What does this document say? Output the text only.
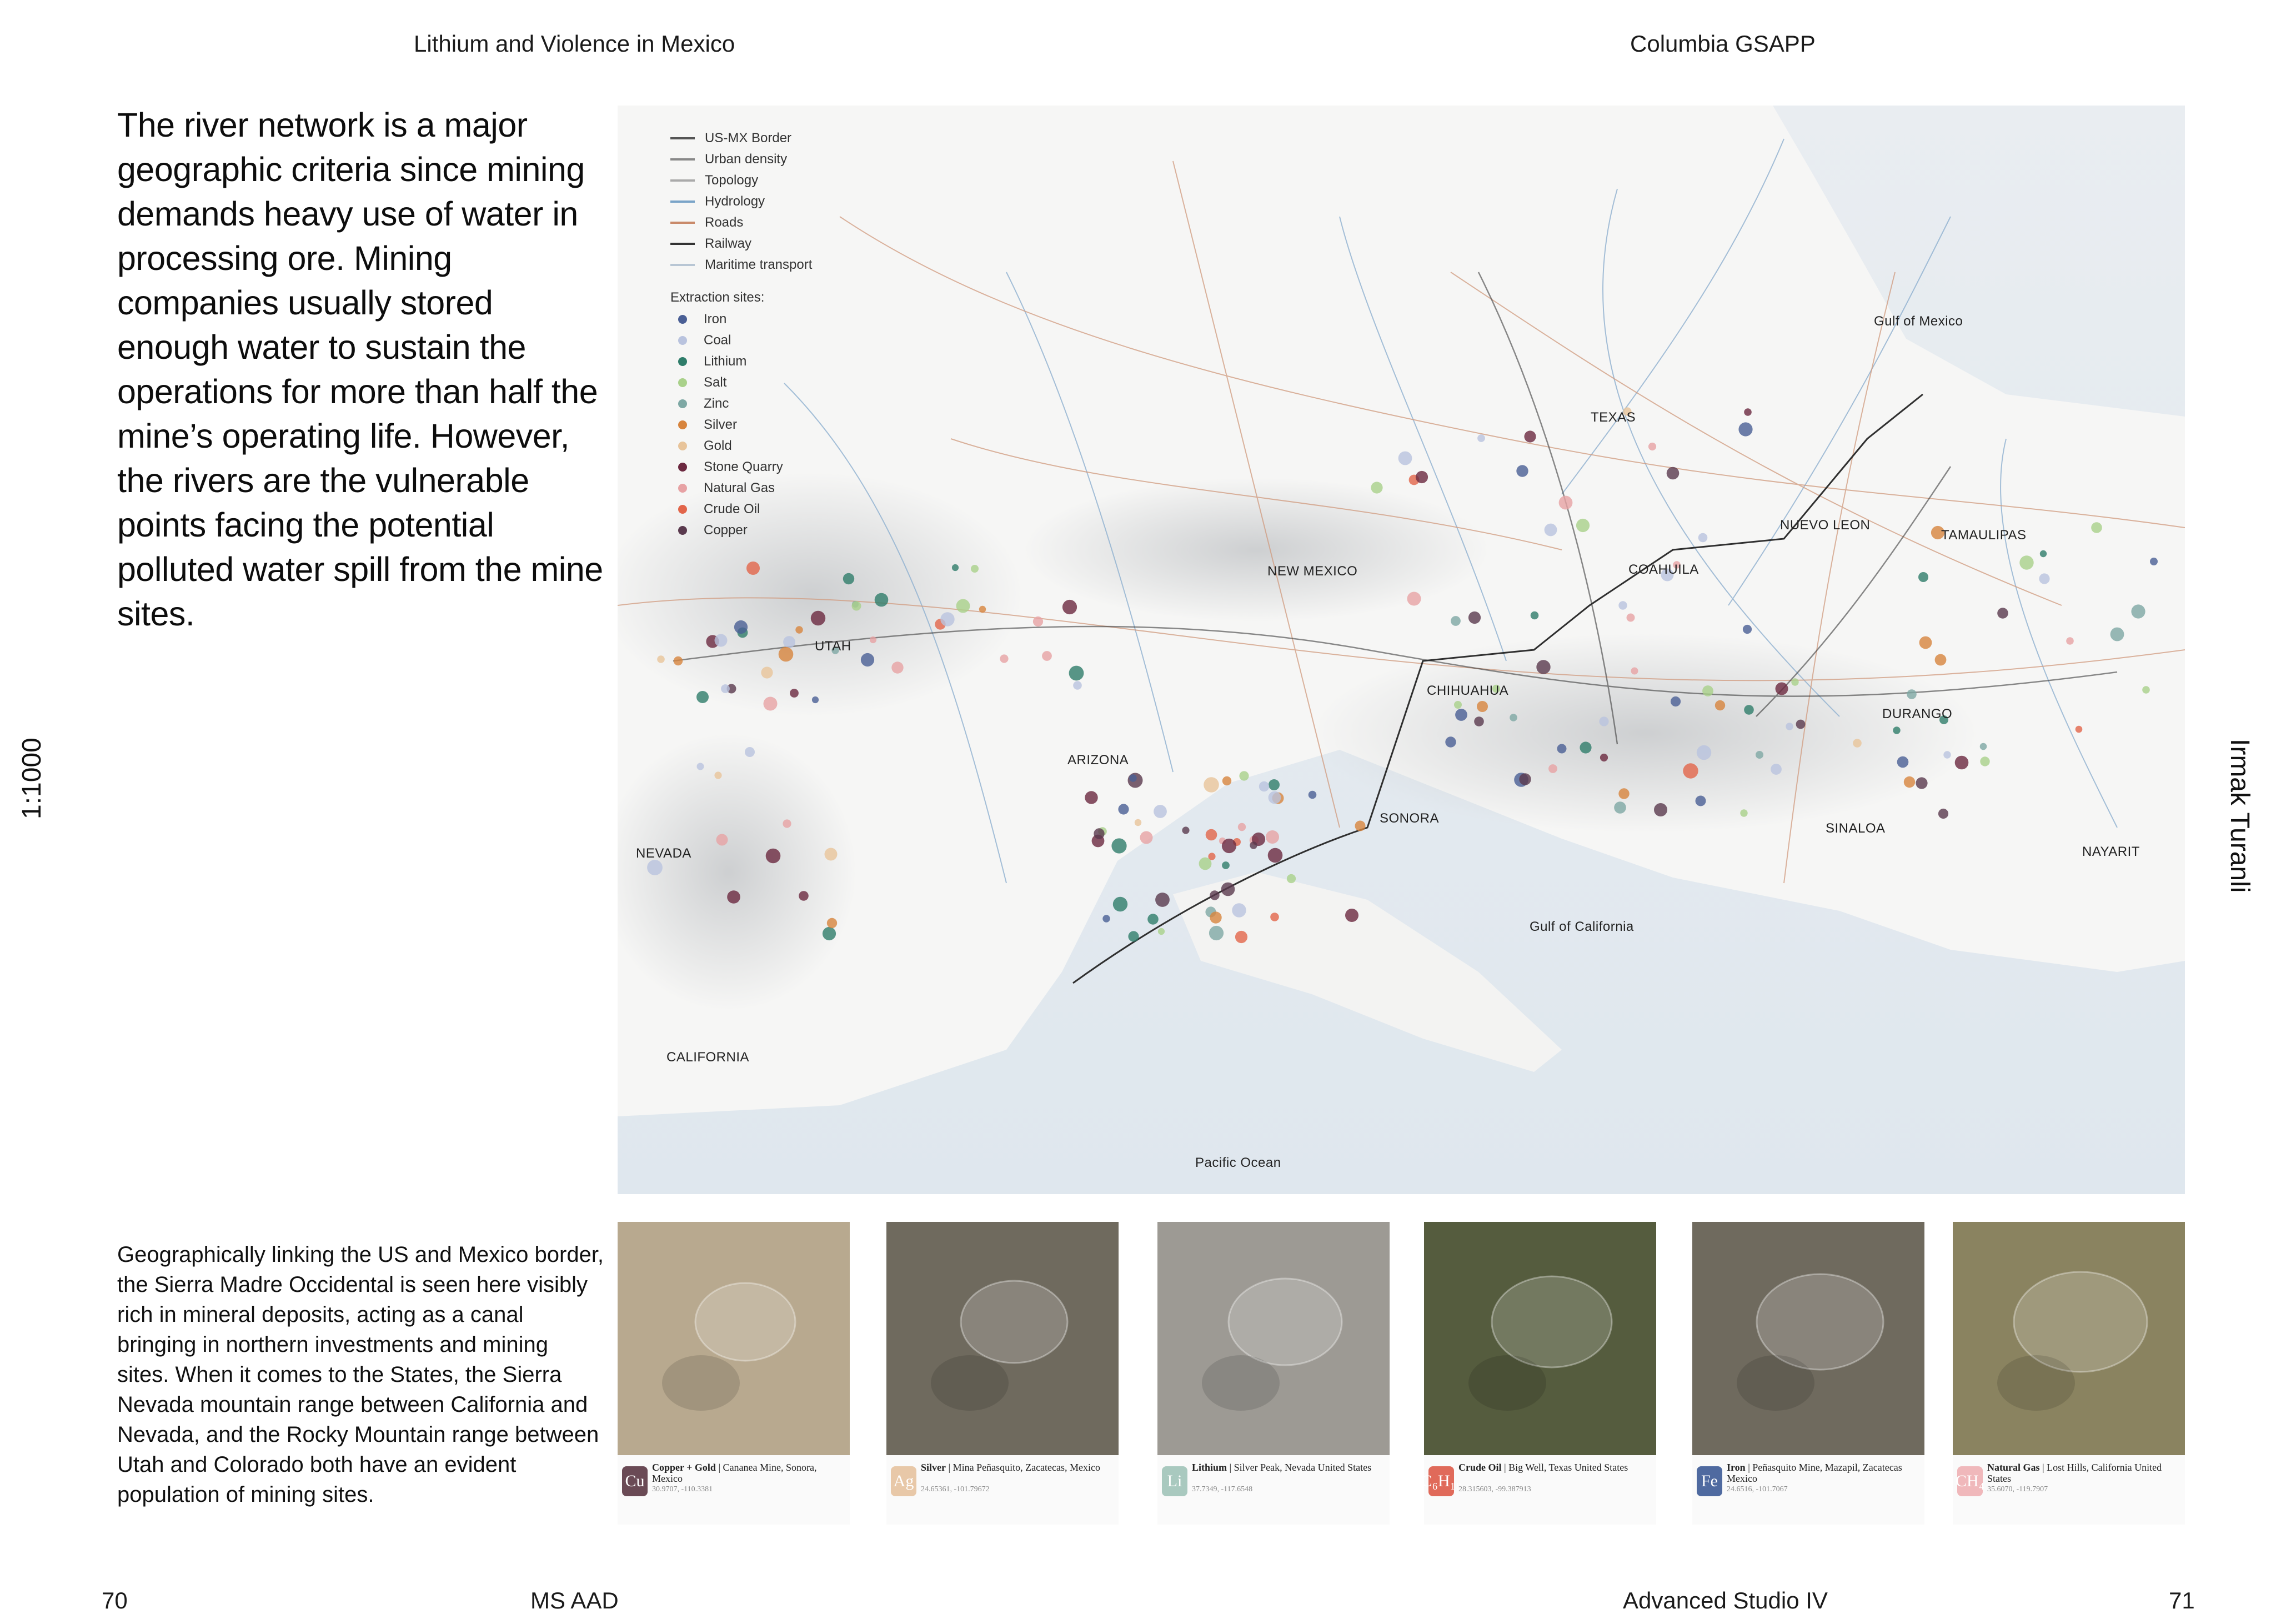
Lithium and Violence in Mexico	Columbia GSAPP
The river network is a major geographic criteria since mining demands heavy use of water in processing ore. Mining companies usually stored enough water to sustain the operations for more than half the mine’s operating life. However, the rivers are the vulnerable points facing the potential polluted water spill from the mine sites.
1:1000	Irmak Turanli
US-MX Border
Urban density
Topology
Hydrology
Roads
Railway
Maritime transport
Extraction sites:
Iron
Coal
Lithium
Salt
Zinc
Silver
Gold
Stone Quarry
Natural Gas
Crude Oil
Copper
Gulf of Mexico
TEXAS
NUEVO LEON
TAMAULIPAS
NEW MEXICO	COAHUILA
UTAH
CHIHUAHUA
DURANGO
ARIZONA
SONORA
SINALOA
NAYARIT
NEVADA
Gulf of California
CALIFORNIA
Pacific Ocean
Geographically linking the US and Mexico border, the Sierra Madre Occidental is seen here visibly rich in mineral deposits, acting as a canal bringing in northern investments and mining sites. When it comes to the States, the Sierra Nevada mountain range between California and Nevada, and the Rocky Mountain range between Utah and Colorado both have an evident population of mining sites.
Cu
Copper + Gold | Cananea Mine, Sonora, Mexico
30.9707, -110.3381	Ag
Silver | Mina Peñasquito, Zacatecas, Mexico
24.65361, -101.79672	Li
Lithium | Silver Peak, Nevada United States
37.7349, -117.6548	C₆H₁₈
Crude Oil | Big Well, Texas United States
28.315603, -99.387913	Fe
Iron | Peñasquito Mine, Mazapil, Zacatecas Mexico
24.6516, -101.7067	CH₄
Natural Gas | Lost Hills, California United States
35.6070, -119.7907
70	MS AAD	Advanced Studio IV	71
